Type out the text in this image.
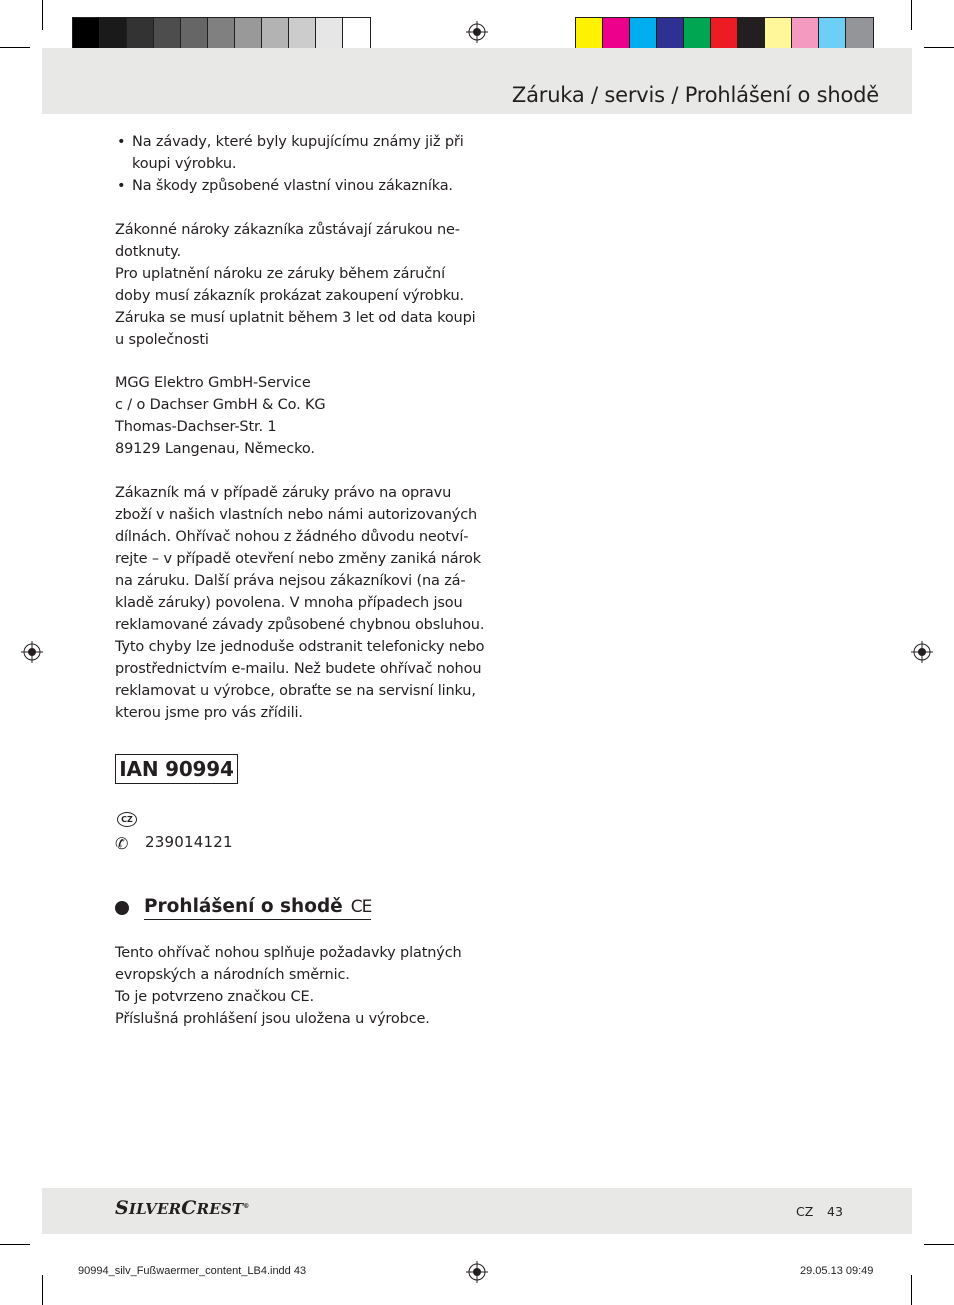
Záruka / servis / Prohlášení o shodě
• Na závady, které byly kupujícímu známy již při
koupi výrobku.
• Na škody způsobené vlastní vinou zákazníka.
Zákonné nároky zákazníka zůstávají zárukou ne-
dotknuty.
Pro uplatnění nároku ze záruky během záruční
doby musí zákazník prokázat zakoupení výrobku.
Záruka se musí uplatnit během 3 let od data koupi
u společnosti
MGG Elektro GmbH-Service
c / o Dachser GmbH & Co. KG
Thomas-Dachser-Str. 1
89129 Langenau, Německo.
Zákazník má v případě záruky právo na opravu
zboží v našich vlastních nebo námi autorizovaných
dílnách. Ohřívač nohou z žádného důvodu neotví-
rejte – v případě otevření nebo změny zaniká nárok
na záruku. Další práva nejsou zákazníkovi (na zá-
kladě záruky) povolena. V mnoha případech jsou
reklamované závady způsobené chybnou obsluhou.
Tyto chyby lze jednoduše odstranit telefonicky nebo
prostřednictvím e-mailu. Než budete ohřívač nohou
reklamovat u výrobce, obraťte se na servisní linku,
kterou jsme pro vás zřídili.
IAN 90994
CZ
✆ 239014121
Prohlášení o shodě CE
Tento ohřívač nohou splňuje požadavky platných
evropských a národních směrnic.
To je potvrzeno značkou CE.
Příslušná prohlášení jsou uložena u výrobce.
SILVERCREST®	CZ 43
90994_silv_Fußwaermer_content_LB4.indd 43	29.05.13 09:49
